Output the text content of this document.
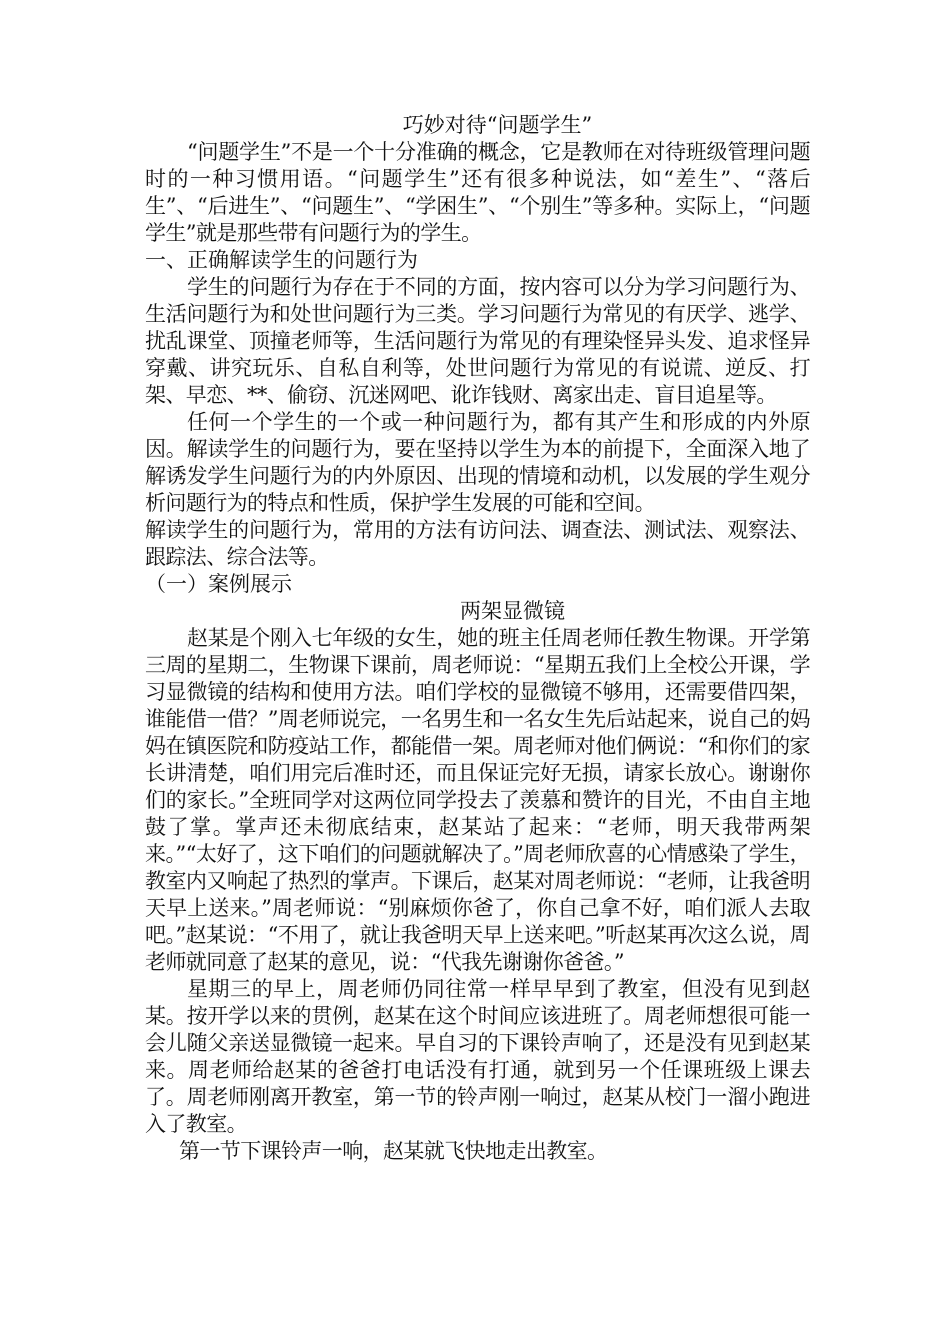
巧妙对待“问题学生”

“问题学生”不是一个十分准确的概念，它是教师在对待班级管理问题时的一种习惯用语。“问题学生”还有很多种说法，如“差生”、“落后生”、“后进生”、“问题生”、“学困生”、“个别生”等多种。实际上，“问题学生”就是那些带有问题行为的学生。

一、正确解读学生的问题行为

学生的问题行为存在于不同的方面，按内容可以分为学习问题行为、生活问题行为和处世问题行为三类。学习问题行为常见的有厌学、逃学、扰乱课堂、顶撞老师等，生活问题行为常见的有理染怪异头发、追求怪异穿戴、讲究玩乐、自私自利等，处世问题行为常见的有说谎、逆反、打架、早恋、**、偷窃、沉迷网吧、讹诈钱财、离家出走、盲目追星等。

任何一个学生的一个或一种问题行为，都有其产生和形成的内外原因。解读学生的问题行为，要在坚持以学生为本的前提下，全面深入地了解诱发学生问题行为的内外原因、出现的情境和动机，以发展的学生观分析问题行为的特点和性质，保护学生发展的可能和空间。

解读学生的问题行为，常用的方法有访问法、调查法、测试法、观察法、跟踪法、综合法等。

（一）案例展示

两架显微镜

赵某是个刚入七年级的女生，她的班主任周老师任教生物课。开学第三周的星期二，生物课下课前，周老师说：“星期五我们上全校公开课，学习显微镜的结构和使用方法。咱们学校的显微镜不够用，还需要借四架，谁能借一借？”周老师说完，一名男生和一名女生先后站起来，说自己的妈妈在镇医院和防疫站工作，都能借一架。周老师对他们俩说：“和你们的家长讲清楚，咱们用完后准时还，而且保证完好无损，请家长放心。谢谢你们的家长。”全班同学对这两位同学投去了羡慕和赞许的目光，不由自主地鼓了掌。掌声还未彻底结束，赵某站了起来：“老师，明天我带两架来。”“太好了，这下咱们的问题就解决了。”周老师欣喜的心情感染了学生，教室内又响起了热烈的掌声。下课后，赵某对周老师说：“老师，让我爸明天早上送来。”周老师说：“别麻烦你爸了，你自己拿不好，咱们派人去取吧。”赵某说：“不用了，就让我爸明天早上送来吧。”听赵某再次这么说，周老师就同意了赵某的意见，说：“代我先谢谢你爸爸。”

星期三的早上，周老师仍同往常一样早早到了教室，但没有见到赵某。按开学以来的贯例，赵某在这个时间应该进班了。周老师想很可能一会儿随父亲送显微镜一起来。早自习的下课铃声响了，还是没有见到赵某来。周老师给赵某的爸爸打电话没有打通，就到另一个任课班级上课去了。周老师刚离开教室，第一节的铃声刚一响过，赵某从校门一溜小跑进入了教室。

第一节下课铃声一响，赵某就飞快地走出教室。
